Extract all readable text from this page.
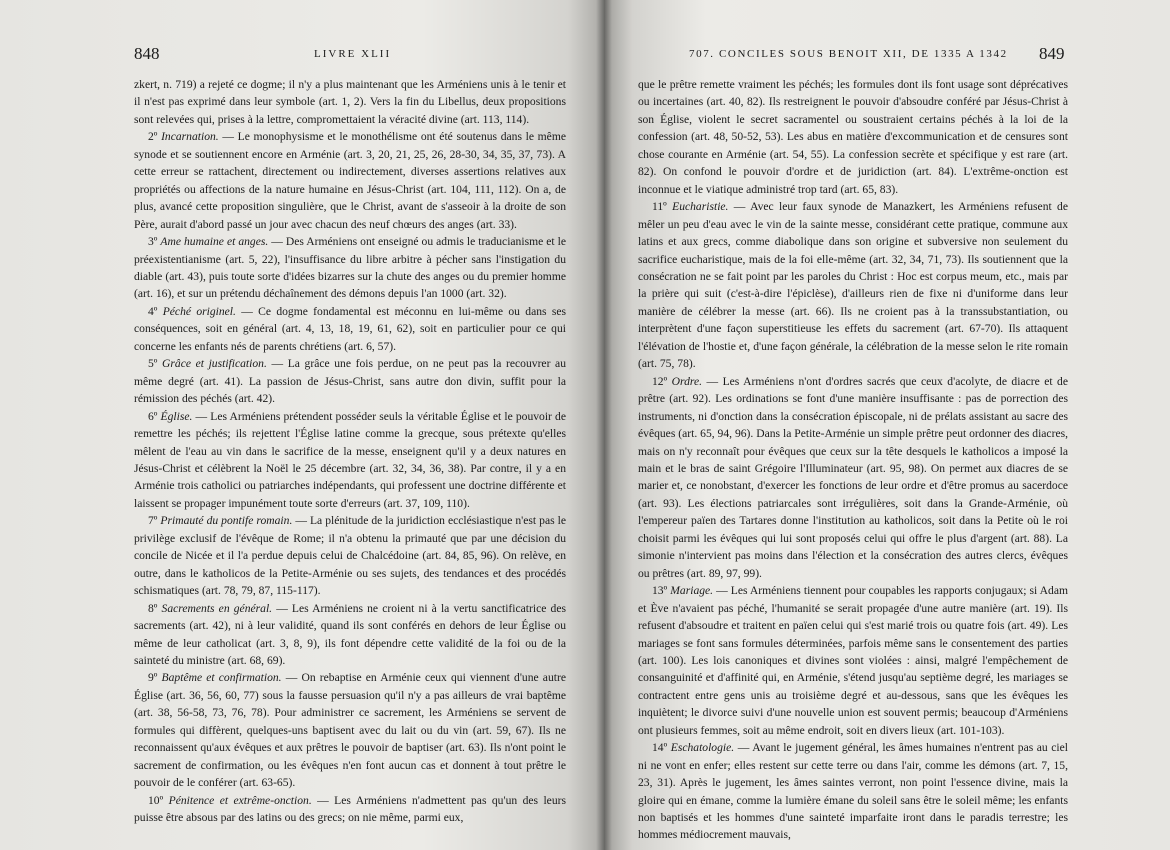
848	LIVRE XLII

zkert, n. 719) a rejeté ce dogme; il n'y a plus maintenant que les Arméniens unis à le tenir et il n'est pas exprimé dans leur symbole (art. 1, 2). Vers la fin du Libellus, deux propositions sont relevées qui, prises à la lettre, compromettaient la véracité divine (art. 113, 114).

2º Incarnation. — Le monophysisme et le monothélisme ont été soutenus dans le même synode et se soutiennent encore en Arménie (art. 3, 20, 21, 25, 26, 28-30, 34, 35, 37, 73). A cette erreur se rattachent, directement ou indirectement, diverses assertions relatives aux propriétés ou affections de la nature humaine en Jésus-Christ (art. 104, 111, 112). On a, de plus, avancé cette proposition singulière, que le Christ, avant de s'asseoir à la droite de son Père, aurait d'abord passé un jour avec chacun des neuf chœurs des anges (art. 33).

3º Ame humaine et anges. — Des Arméniens ont enseigné ou admis le traducianisme et le préexistentianisme (art. 5, 22), l'insuffisance du libre arbitre à pécher sans l'instigation du diable (art. 43), puis toute sorte d'idées bizarres sur la chute des anges ou du premier homme (art. 16), et sur un prétendu déchaînement des démons depuis l'an 1000 (art. 32).

4º Péché originel. — Ce dogme fondamental est méconnu en lui-même ou dans ses conséquences, soit en général (art. 4, 13, 18, 19, 61, 62), soit en particulier pour ce qui concerne les enfants nés de parents chrétiens (art. 6, 57).

5º Grâce et justification. — La grâce une fois perdue, on ne peut pas la recouvrer au même degré (art. 41). La passion de Jésus-Christ, sans autre don divin, suffit pour la rémission des péchés (art. 42).

6º Église. — Les Arméniens prétendent posséder seuls la véritable Église et le pouvoir de remettre les péchés; ils rejettent l'Église latine comme la grecque, sous prétexte qu'elles mêlent de l'eau au vin dans le sacrifice de la messe, enseignent qu'il y a deux natures en Jésus-Christ et célèbrent la Noël le 25 décembre (art. 32, 34, 36, 38). Par contre, il y a en Arménie trois catholici ou patriarches indépendants, qui professent une doctrine différente et laissent se propager impunément toute sorte d'erreurs (art. 37, 109, 110).

7º Primauté du pontife romain. — La plénitude de la juridiction ecclésiastique n'est pas le privilège exclusif de l'évêque de Rome; il n'a obtenu la primauté que par une décision du concile de Nicée et il l'a perdue depuis celui de Chalcédoine (art. 84, 85, 96). On relève, en outre, dans le katholicos de la Petite-Arménie ou ses sujets, des tendances et des procédés schismatiques (art. 78, 79, 87, 115-117).

8º Sacrements en général. — Les Arméniens ne croient ni à la vertu sanctificatrice des sacrements (art. 42), ni à leur validité, quand ils sont conférés en dehors de leur Église ou même de leur catholicat (art. 3, 8, 9), ils font dépendre cette validité de la foi ou de la sainteté du ministre (art. 68, 69).

9º Baptême et confirmation. — On rebaptise en Arménie ceux qui viennent d'une autre Église (art. 36, 56, 60, 77) sous la fausse persuasion qu'il n'y a pas ailleurs de vrai baptême (art. 38, 56-58, 73, 76, 78). Pour administrer ce sacrement, les Arméniens se servent de formules qui diffèrent, quelques-uns baptisent avec du lait ou du vin (art. 59, 67). Ils ne reconnaissent qu'aux évêques et aux prêtres le pouvoir de baptiser (art. 63). Ils n'ont point le sacrement de confirmation, ou les évêques n'en font aucun cas et donnent à tout prêtre le pouvoir de le conférer (art. 63-65).

10º Pénitence et extrême-onction. — Les Arméniens n'admettent pas qu'un des leurs puisse être absous par des latins ou des grecs; on nie même, parmi eux,

707. CONCILES SOUS BENOIT XII, DE 1335 A 1342 849

que le prêtre remette vraiment les péchés; les formules dont ils font usage sont déprécatives ou incertaines (art. 40, 82). Ils restreignent le pouvoir d'absoudre conféré par Jésus-Christ à son Église, violent le secret sacramentel ou soustraient certains péchés à la loi de la confession (art. 48, 50-52, 53). Les abus en matière d'excommunication et de censures sont chose courante en Arménie (art. 54, 55). La confession secrète et spécifique y est rare (art. 82). On confond le pouvoir d'ordre et de juridiction (art. 84). L'extrême-onction est inconnue et le viatique administré trop tard (art. 65, 83).

11º Eucharistie. — Avec leur faux synode de Manazkert, les Arméniens refusent de mêler un peu d'eau avec le vin de la sainte messe, considérant cette pratique, commune aux latins et aux grecs, comme diabolique dans son origine et subversive non seulement du sacrifice eucharistique, mais de la foi elle-même (art. 32, 34, 71, 73). Ils soutiennent que la consécration ne se fait point par les paroles du Christ : Hoc est corpus meum, etc., mais par la prière qui suit (c'est-à-dire l'épiclèse), d'ailleurs rien de fixe ni d'uniforme dans leur manière de célébrer la messe (art. 66). Ils ne croient pas à la transsubstantiation, ou interprètent d'une façon superstitieuse les effets du sacrement (art. 67-70). Ils attaquent l'élévation de l'hostie et, d'une façon générale, la célébration de la messe selon le rite romain (art. 75, 78).

12º Ordre. — Les Arméniens n'ont d'ordres sacrés que ceux d'acolyte, de diacre et de prêtre (art. 92). Les ordinations se font d'une manière insuffisante : pas de porrection des instruments, ni d'onction dans la consécration épiscopale, ni de prélats assistant au sacre des évêques (art. 65, 94, 96). Dans la Petite-Arménie un simple prêtre peut ordonner des diacres, mais on n'y reconnaît pour évêques que ceux sur la tête desquels le katholicos a imposé la main et le bras de saint Grégoire l'Illuminateur (art. 95, 98). On permet aux diacres de se marier et, ce nonobstant, d'exercer les fonctions de leur ordre et d'être promus au sacerdoce (art. 93). Les élections patriarcales sont irrégulières, soit dans la Grande-Arménie, où l'empereur païen des Tartares donne l'institution au katholicos, soit dans la Petite où le roi choisit parmi les évêques qui lui sont proposés celui qui offre le plus d'argent (art. 88). La simonie n'intervient pas moins dans l'élection et la consécration des autres clercs, évêques ou prêtres (art. 89, 97, 99).

13º Mariage. — Les Arméniens tiennent pour coupables les rapports conjugaux; si Adam et Ève n'avaient pas péché, l'humanité se serait propagée d'une autre manière (art. 19). Ils refusent d'absoudre et traitent en païen celui qui s'est marié trois ou quatre fois (art. 49). Les mariages se font sans formules déterminées, parfois même sans le consentement des parties (art. 100). Les lois canoniques et divines sont violées : ainsi, malgré l'empêchement de consanguinité et d'affinité qui, en Arménie, s'étend jusqu'au septième degré, les mariages se contractent entre gens unis au troisième degré et au-dessous, sans que les évêques les inquiètent; le divorce suivi d'une nouvelle union est souvent permis; beaucoup d'Arméniens ont plusieurs femmes, soit au même endroit, soit en divers lieux (art. 101-103).

14º Eschatologie. — Avant le jugement général, les âmes humaines n'entrent pas au ciel ni ne vont en enfer; elles restent sur cette terre ou dans l'air, comme les démons (art. 7, 15, 23, 31). Après le jugement, les âmes saintes verront, non point l'essence divine, mais la gloire qui en émane, comme la lumière émane du soleil sans être le soleil même; les enfants non baptisés et les hommes d'une sainteté imparfaite iront dans le paradis terrestre; les hommes médiocrement mauvais,
